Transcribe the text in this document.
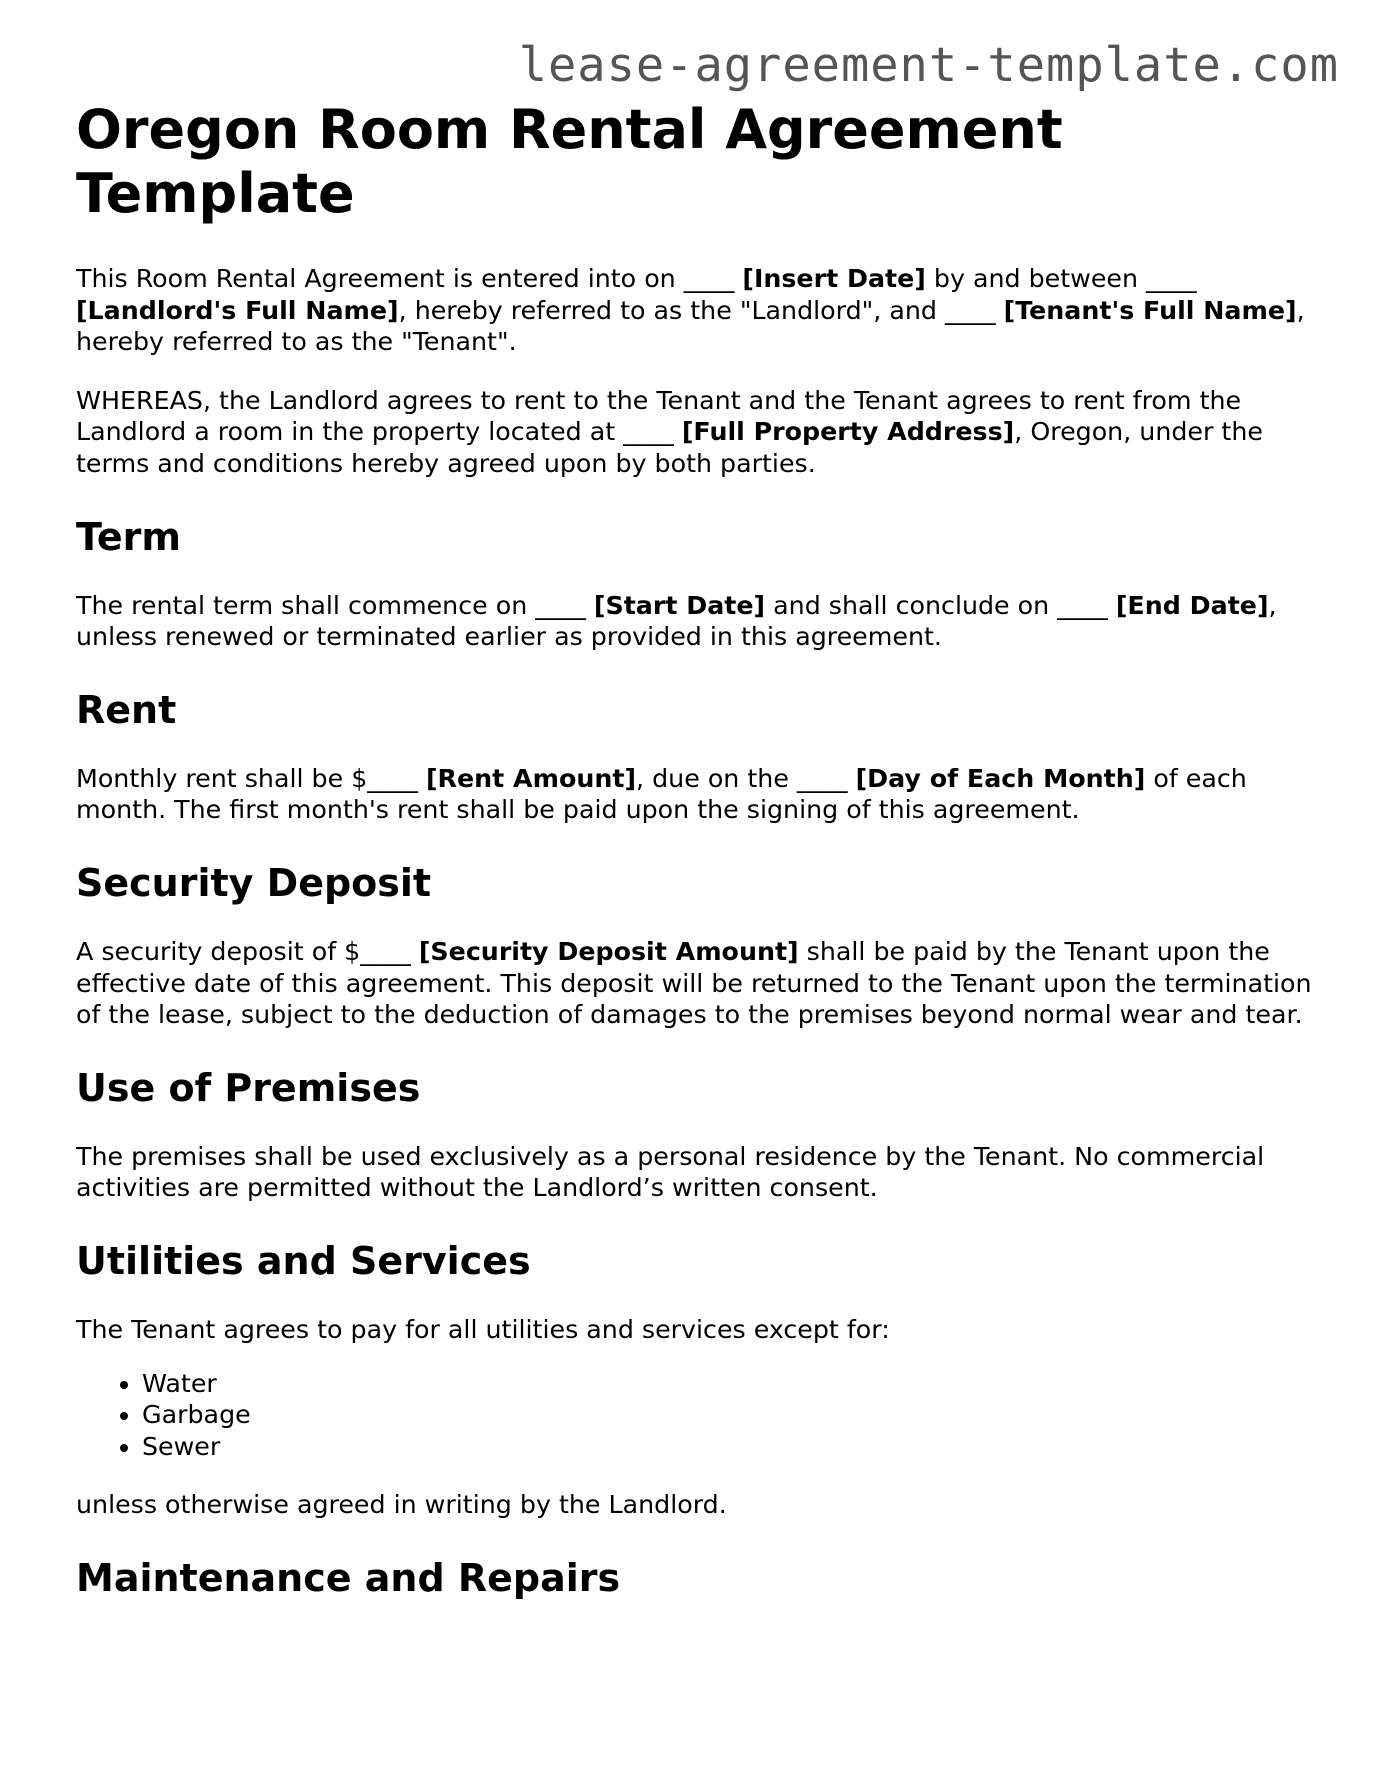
lease-agreement-template.com
Oregon Room Rental Agreement Template

This Room Rental Agreement is entered into on ____ [Insert Date] by and between ____ [Landlord's Full Name], hereby referred to as the "Landlord", and ____ [Tenant's Full Name], hereby referred to as the "Tenant".

WHEREAS, the Landlord agrees to rent to the Tenant and the Tenant agrees to rent from the Landlord a room in the property located at ____ [Full Property Address], Oregon, under the terms and conditions hereby agreed upon by both parties.

Term

The rental term shall commence on ____ [Start Date] and shall conclude on ____ [End Date], unless renewed or terminated earlier as provided in this agreement.

Rent

Monthly rent shall be $____ [Rent Amount], due on the ____ [Day of Each Month] of each month. The first month's rent shall be paid upon the signing of this agreement.

Security Deposit

A security deposit of $____ [Security Deposit Amount] shall be paid by the Tenant upon the effective date of this agreement. This deposit will be returned to the Tenant upon the termination of the lease, subject to the deduction of damages to the premises beyond normal wear and tear.

Use of Premises

The premises shall be used exclusively as a personal residence by the Tenant. No commercial activities are permitted without the Landlord’s written consent.

Utilities and Services

The Tenant agrees to pay for all utilities and services except for:

• Water
• Garbage
• Sewer

unless otherwise agreed in writing by the Landlord.

Maintenance and Repairs
